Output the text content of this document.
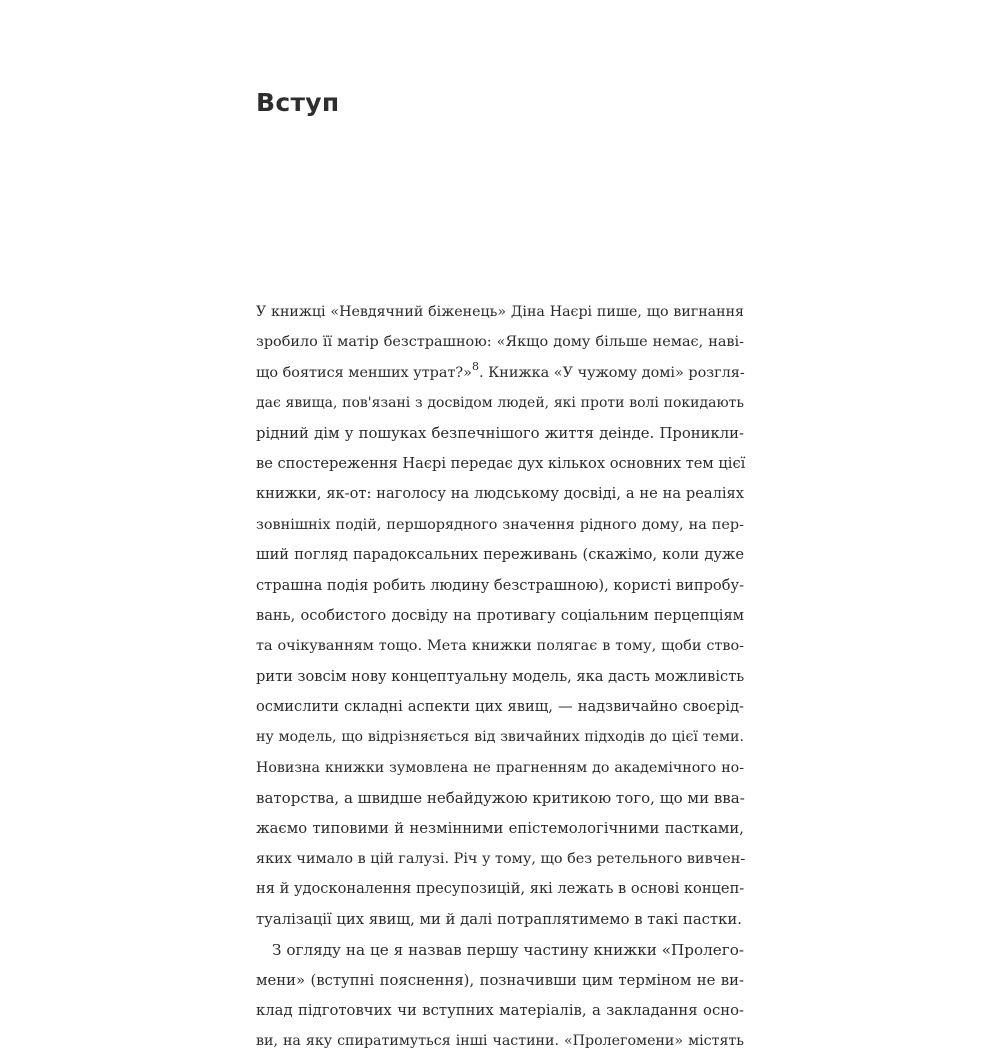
Вступ
У книжці «Невдячний біженець» Діна Наєрі пише, що вигнання
зробило її матір безстрашною: «Якщо дому більше немає, наві-
що боятися менших утрат?»$^8$. Книжка «У чужому домі» розгля-
дає явища, пов'язані з досвідом людей, які проти волі покидають
рідний дім у пошуках безпечнішого життя деінде. Проникли-
ве спостереження Наєрі передає дух кількох основних тем цієї
книжки, як-от: наголосу на людському досвіді, а не на реаліях
зовнішніх подій, першорядного значення рідного дому, на пер-
ший погляд парадоксальних переживань (скажімо, коли дуже
страшна подія робить людину безстрашною), користі випробу-
вань, особистого досвіду на противагу соціальним перцепціям
та очікуванням тощо. Мета книжки полягає в тому, щоби ство-
рити зовсім нову концептуальну модель, яка дасть можливість
осмислити складні аспекти цих явищ, — надзвичайно своєрід-
ну модель, що відрізняється від звичайних підходів до цієї теми.
Новизна книжки зумовлена не прагненням до академічного но-
ваторства, а швидше небайдужою критикою того, що ми вва-
жаємо типовими й незмінними епістемологічними пастками,
яких чимало в цій галузі. Річ у тому, що без ретельного вивчен-
ня й удосконалення пресупозицій, які лежать в основі концеп-
туалізації цих явищ, ми й далі потраплятимемо в такі пастки.
З огляду на це я назвав першу частину книжки «Пролего-
мени» (вступні пояснення), позначивши цим терміном не ви-
клад підготовчих чи вступних матеріалів, а закладання осно-
ви, на яку спиратимуться інші частини. «Пролегомени» містять
